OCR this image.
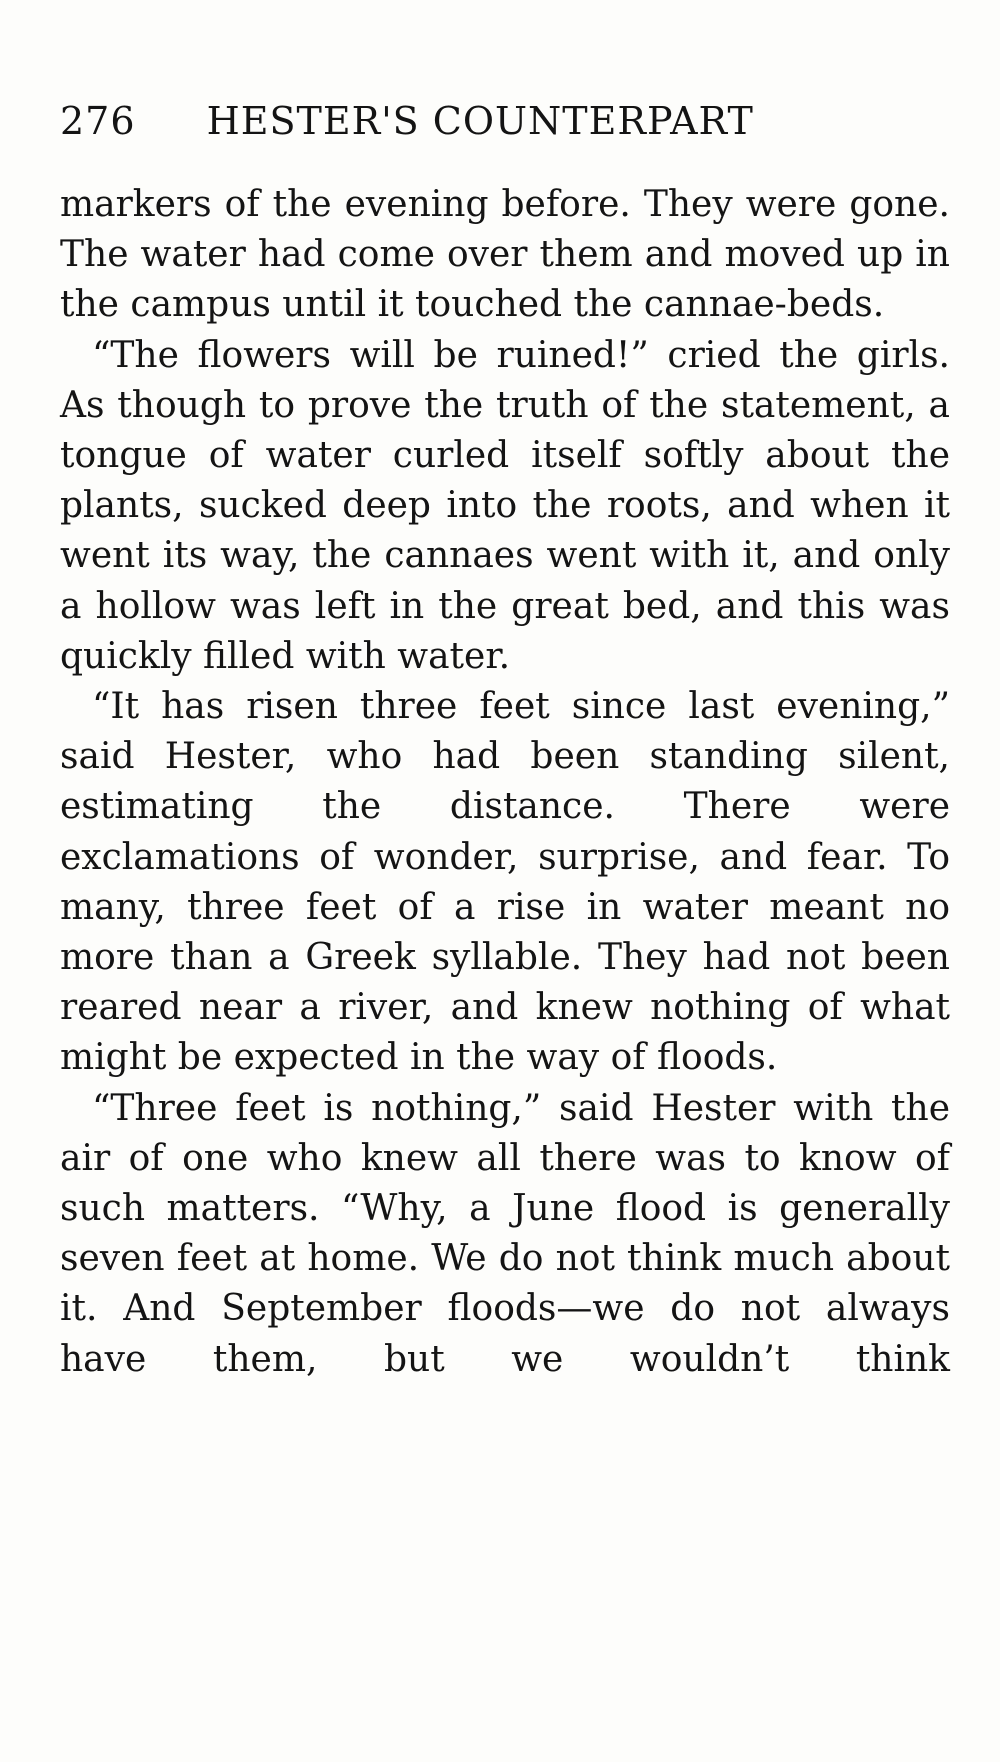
276 HESTER'S COUNTERPART

markers of the evening before. They were gone. The water had come over them and moved up in the campus until it touched the cannae-beds.

“The flowers will be ruined!” cried the girls. As though to prove the truth of the statement, a tongue of water curled itself softly about the plants, sucked deep into the roots, and when it went its way, the cannaes went with it, and only a hollow was left in the great bed, and this was quickly filled with water.

“It has risen three feet since last evening,” said Hester, who had been standing silent, estimating the distance. There were exclamations of wonder, surprise, and fear. To many, three feet of a rise in water meant no more than a Greek syllable. They had not been reared near a river, and knew nothing of what might be expected in the way of floods.

“Three feet is nothing,” said Hester with the air of one who knew all there was to know of such matters. “Why, a June flood is generally seven feet at home. We do not think much about it. And September floods—we do not always have them, but we wouldn’t think
